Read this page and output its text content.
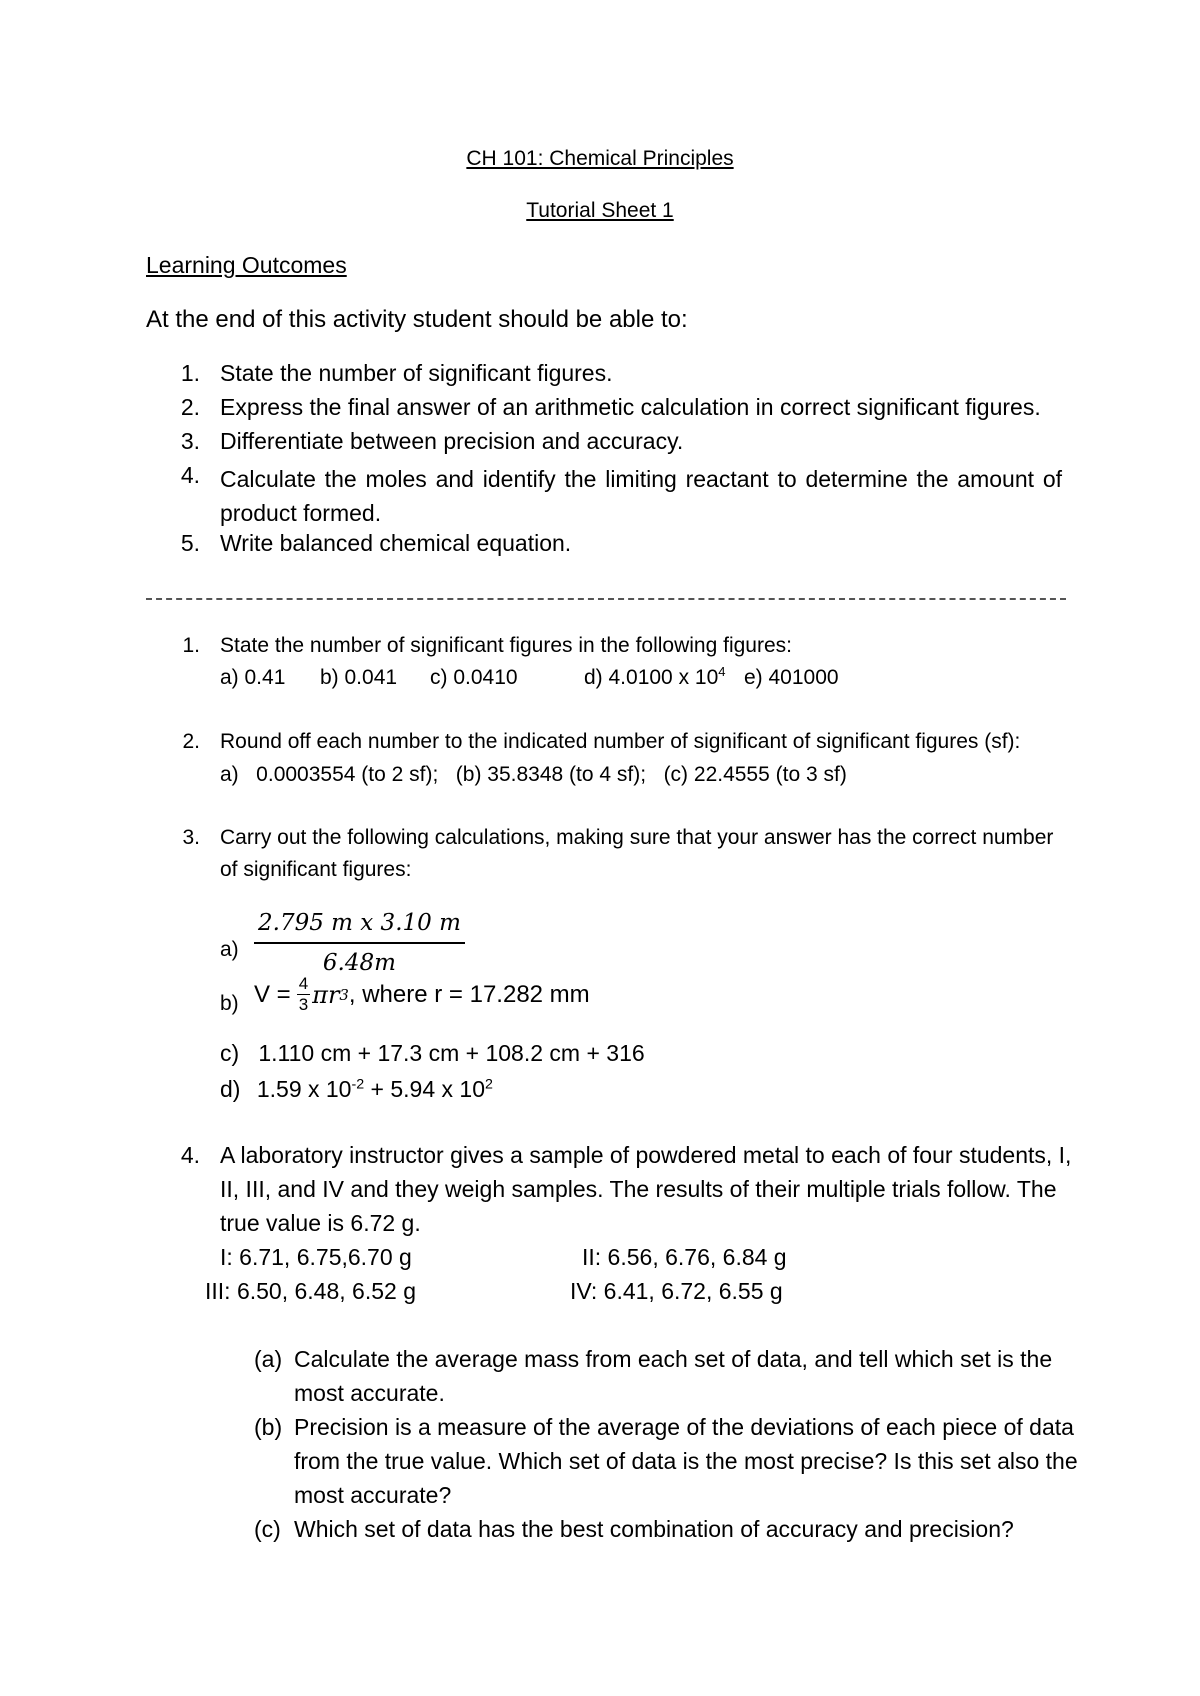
CH 101: Chemical Principles
Tutorial Sheet 1
Learning Outcomes
At the end of this activity student should be able to:
1. State the number of significant figures.
2. Express the final answer of an arithmetic calculation in correct significant figures.
3. Differentiate between precision and accuracy.
4. Calculate the moles and identify the limiting reactant to determine the amount of product formed.
5. Write balanced chemical equation.
1. State the number of significant figures in the following figures:
a) 0.41 b) 0.041 c) 0.0410	d) 4.0100 x $10^4$ e) 401000
2. Round off each number to the indicated number of significant of significant figures (sf):
a)   0.0003554 (to 2 sf);   (b) 35.8348 (to 4 sf);   (c) 22.4555 (to 3 sf)
3. Carry out the following calculations, making sure that your answer has the correct number
of significant figures:
$a) \frac{\text{2.795 m x 3.10 m}}{6.48m}$
b) $V = \frac{4}{3}$ πr 3 , where r = 17.282 mm
c)   1.110 cm + 17.3 cm + 108.2 cm + 316
d) 1.59 x $10^{-2} + 5.94$ x $10^2$
4. A laboratory instructor gives a sample of powdered metal to each of four students, I,
II, III, and IV and they weigh samples. The results of their multiple trials follow. The
true value is 6.72 g.
I: 6.71, 6.75,6.70 g	II: 6.56, 6.76, 6.84 g
III: 6.50, 6.48, 6.52 g	IV: 6.41, 6.72, 6.55 g
(a) Calculate the average mass from each set of data, and tell which set is the
most accurate.
(b) Precision is a measure of the average of the deviations of each piece of data
from the true value. Which set of data is the most precise? Is this set also the
most accurate?
(c) Which set of data has the best combination of accuracy and precision?
